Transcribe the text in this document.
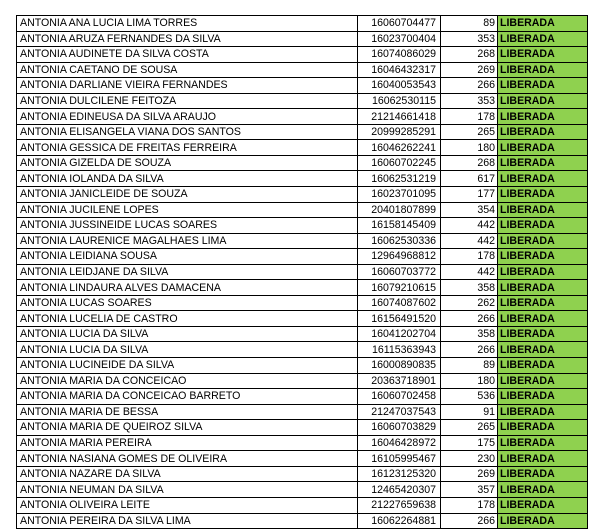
ANTONIA ANA LUCIA LIMA TORRES	16060704477	89	LIBERADA
ANTONIA ARUZA FERNANDES DA SILVA	16023700404	353	LIBERADA
ANTONIA AUDINETE DA SILVA COSTA	16074086029	268	LIBERADA
ANTONIA CAETANO DE SOUSA	16046432317	269	LIBERADA
ANTONIA DARLIANE VIEIRA FERNANDES	16040053543	266	LIBERADA
ANTONIA DULCILENE FEITOZA	16062530115	353	LIBERADA
ANTONIA EDINEUSA DA SILVA ARAUJO	21214661418	178	LIBERADA
ANTONIA ELISANGELA VIANA DOS SANTOS	20999285291	265	LIBERADA
ANTONIA GESSICA DE FREITAS FERREIRA	16046262241	180	LIBERADA
ANTONIA GIZELDA DE SOUZA	16060702245	268	LIBERADA
ANTONIA IOLANDA DA SILVA	16062531219	617	LIBERADA
ANTONIA JANICLEIDE DE SOUZA	16023701095	177	LIBERADA
ANTONIA JUCILENE LOPES	20401807899	354	LIBERADA
ANTONIA JUSSINEIDE LUCAS SOARES	16158145409	442	LIBERADA
ANTONIA LAURENICE MAGALHAES LIMA	16062530336	442	LIBERADA
ANTONIA LEIDIANA SOUSA	12964968812	178	LIBERADA
ANTONIA LEIDJANE DA SILVA	16060703772	442	LIBERADA
ANTONIA LINDAURA ALVES DAMACENA	16079210615	358	LIBERADA
ANTONIA LUCAS SOARES	16074087602	262	LIBERADA
ANTONIA LUCELIA DE CASTRO	16156491520	266	LIBERADA
ANTONIA LUCIA DA SILVA	16041202704	358	LIBERADA
ANTONIA LUCIA DA SILVA	16115363943	266	LIBERADA
ANTONIA LUCINEIDE DA SILVA	16000890835	89	LIBERADA
ANTONIA MARIA DA CONCEICAO	20363718901	180	LIBERADA
ANTONIA MARIA DA CONCEICAO BARRETO	16060702458	536	LIBERADA
ANTONIA MARIA DE BESSA	21247037543	91	LIBERADA
ANTONIA MARIA DE QUEIROZ SILVA	16060703829	265	LIBERADA
ANTONIA MARIA PEREIRA	16046428972	175	LIBERADA
ANTONIA NASIANA GOMES DE OLIVEIRA	16105995467	230	LIBERADA
ANTONIA NAZARE DA SILVA	16123125320	269	LIBERADA
ANTONIA NEUMAN DA SILVA	12465420307	357	LIBERADA
ANTONIA OLIVEIRA LEITE	21227659638	178	LIBERADA
ANTONIA PEREIRA DA SILVA LIMA	16062264881	266	LIBERADA
